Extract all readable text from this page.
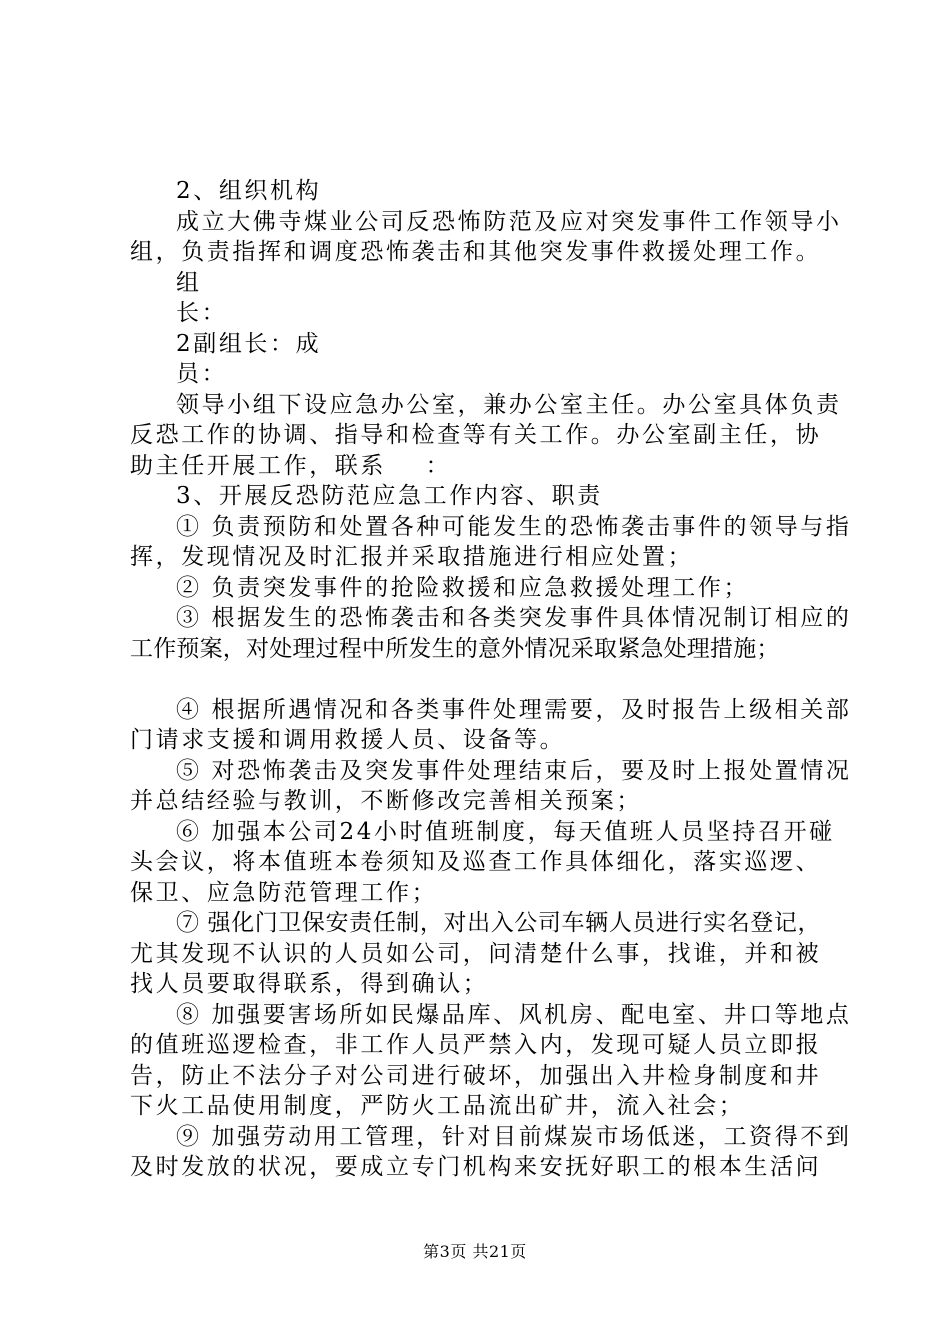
2、组织机构
成立大佛寺煤业公司反恐怖防范及应对突发事件工作领导小
组，负责指挥和调度恐怖袭击和其他突发事件救援处理工作。
组
长：
2副组长：成
员：
领导小组下设应急办公室，兼办公室主任。办公室具体负责
反恐工作的协调、指导和检查等有关工作。办公室副主任，协
助主任开展工作，联系    ：
3、开展反恐防范应急工作内容、职责
① 负责预防和处置各种可能发生的恐怖袭击事件的领导与指
挥，发现情况及时汇报并采取措施进行相应处置；
② 负责突发事件的抢险救援和应急救援处理工作；
③ 根据发生的恐怖袭击和各类突发事件具体情况制订相应的
工作预案，对处理过程中所发生的意外情况采取紧急处理措施；
④ 根据所遇情况和各类事件处理需要，及时报告上级相关部
门请求支援和调用救援人员、设备等。
⑤ 对恐怖袭击及突发事件处理结束后，要及时上报处置情况
并总结经验与教训，不断修改完善相关预案；
⑥ 加强本公司24小时值班制度，每天值班人员坚持召开碰
头会议，将本值班本卷须知及巡查工作具体细化，落实巡逻、
保卫、应急防范管理工作；
⑦ 强化门卫保安责任制，对出入公司车辆人员进行实名登记，
尤其发现不认识的人员如公司，问清楚什么事，找谁，并和被
找人员要取得联系，得到确认；
⑧ 加强要害场所如民爆品库、风机房、配电室、井口等地点
的值班巡逻检查，非工作人员严禁入内，发现可疑人员立即报
告，防止不法分子对公司进行破坏，加强出入井检身制度和井
下火工品使用制度，严防火工品流出矿井，流入社会；
⑨ 加强劳动用工管理，针对目前煤炭市场低迷，工资得不到
及时发放的状况，要成立专门机构来安抚好职工的根本生活问
第3页 共21页
